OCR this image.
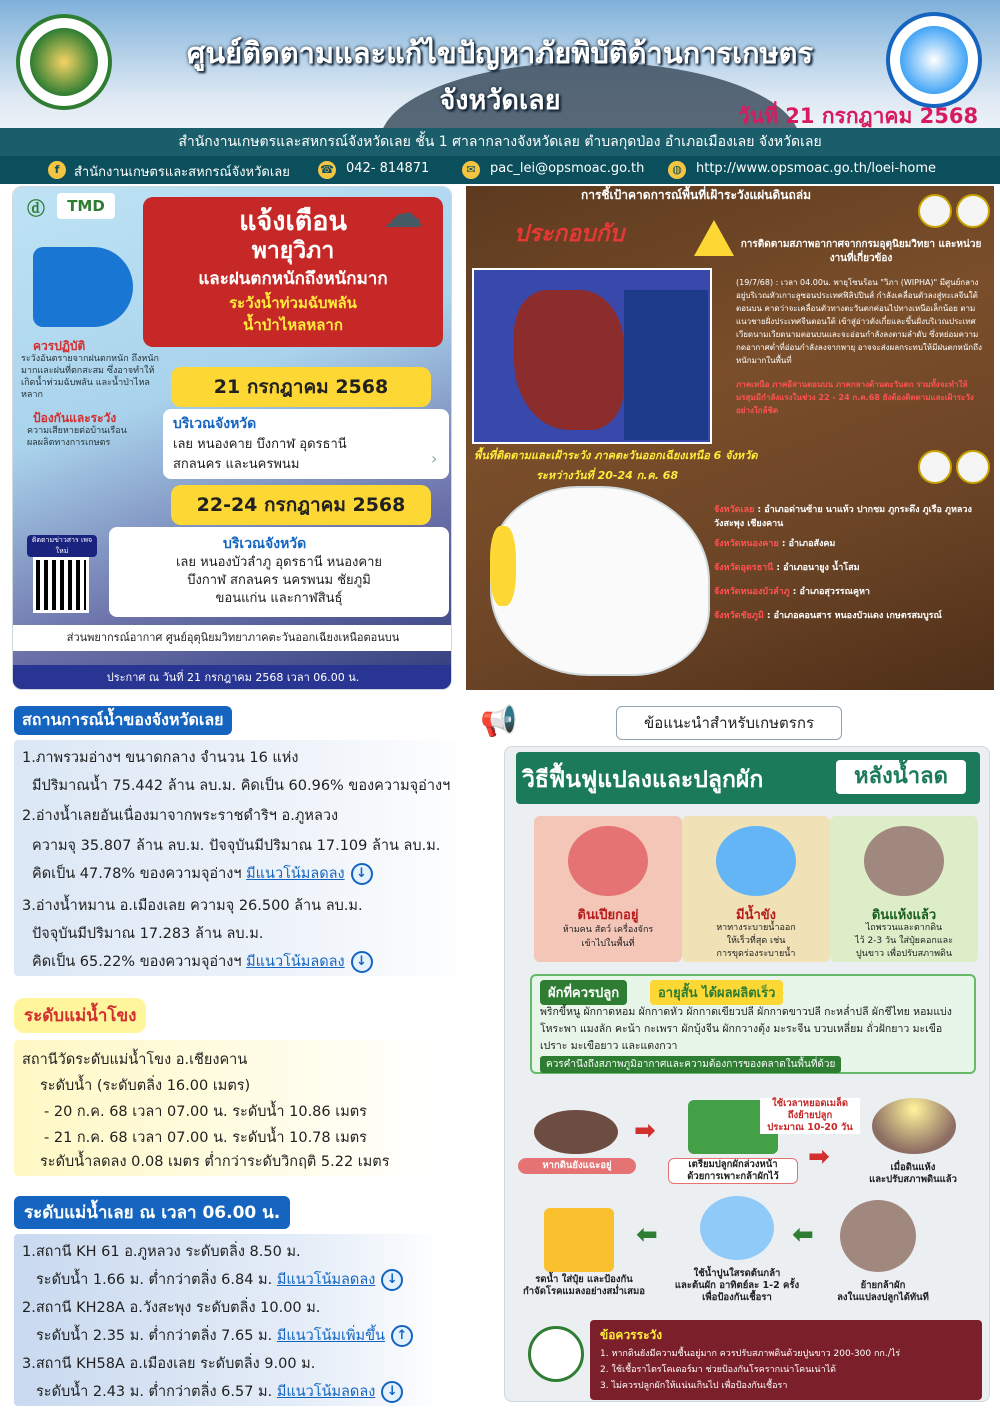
ศูนย์ติดตามและแก้ไขปัญหาภัยพิบัติด้านการเกษตร
จังหวัดเลย	วันที่ 21 กรกฎาคม 2568
สำนักงานเกษตรและสหกรณ์จังหวัดเลย ชั้น 1 ศาลากลางจังหวัดเลย ตำบลกุดป่อง อำเภอเมืองเลย จังหวัดเลย
f	สำนักงานเกษตรและสหกรณ์จังหวัดเลย	☎ 042- 814871	✉	pac_lei@opsmoac.go.th	◍	http://www.opsmoac.go.th/loei-home
ⓓ	TMD	แจ้งเตือน
พายุวิภา
และฝนตกหนักถึงหนักมาก
ระวังน้ำท่วมฉับพลัน
น้ำป่าไหลหลาก
☁
ควรปฏิบัติ
ระวังอันตรายจากฝนตกหนัก ถึงหนักมากและฝนที่ตกสะสม ซึ่งอาจทำให้เกิดน้ำท่วมฉับพลัน และน้ำป่าไหลหลาก
ป้องกันและระวัง
ความเสียหายต่อบ้านเรือน ผลผลิตทางการเกษตร
21 กรกฎาคม 2568
บริเวณจังหวัด
เลย หนองคาย บึงกาฬ อุดรธานี
สกลนคร และนครพนม	›
22-24 กรกฎาคม 2568
บริเวณจังหวัด
เลย หนองบัวลำภู อุดรธานี หนองคาย
บึงกาฬ สกลนคร นครพนม ชัยภูมิ
ขอนแก่น และกาฬสินธุ์
ติดตามข่าวสาร เพจใหม่
ส่วนพยากรณ์อากาศ ศูนย์อุตุนิยมวิทยาภาคตะวันออกเฉียงเหนือตอนบน
ประกาศ ณ วันที่ 21 กรกฎาคม 2568 เวลา 06.00 น.
การชี้เป้าคาดการณ์พื้นที่เฝ้าระวังแผ่นดินถล่ม
ประกอบกับ	การติดตามสภาพอากาศจากกรมอุตุนิยมวิทยา และหน่วยงานที่เกี่ยวข้อง
(19/7/68) : เวลา 04.00น. พายุโซนร้อน "วิภา (WIPHA)" มีศูนย์กลางอยู่บริเวณหัวเกาะลูซอนประเทศฟิลิปปินส์ กำลังเคลื่อนตัวลงสู่ทะเลจีนใต้ตอนบน คาดว่าจะเคลื่อนตัวทางตะวันตกค่อนไปทางเหนือเล็กน้อย ตามแนวชายฝั่งประเทศจีนตอนใต้ เข้าสู่อ่าวตังเกี๋ยและขึ้นฝั่งบริเวณประเทศเวียดนามเวียดนามตอนบนและจะอ่อนกำลังลงตามลำดับ ซึ่งหย่อมความกดอากาศต่ำที่อ่อนกำลังลงจากพายุ อาจจะส่งผลกระทบให้มีฝนตกหนักถึงหนักมากในพื้นที่
ภาคเหนือ ภาคอีสานตอนบน ภาคกลางด้านตะวันตก รวมทั้งจะทำให้มรสุมมีกำลังแรงในช่วง 22 - 24 ก.ค.68 ยังต้องติดตามและเฝ้าระวังอย่างใกล้ชิด
พื้นที่ติดตามและเฝ้าระวัง ภาคตะวันออกเฉียงเหนือ 6 จังหวัด
ระหว่างวันที่ 20-24 ก.ค. 68
จังหวัดเลย : อำเภอด่านซ้าย นาแห้ว ปากชม ภูกระดึง ภูเรือ ภูหลวง วังสะพุง เชียงคาน
จังหวัดหนองคาย : อำเภอสังคม
จังหวัดอุดรธานี : อำเภอนายูง น้ำโสม
จังหวัดหนองบัวลำภู : อำเภอสุวรรณคูหา
จังหวัดชัยภูมิ : อำเภอคอนสาร หนองบัวแดง เกษตรสมบูรณ์
สถานการณ์น้ำของจังหวัดเลย
1.ภาพรวมอ่างฯ ขนาดกลาง จำนวน 16 แห่ง
มีปริมาณน้ำ 75.442 ล้าน ลบ.ม. คิดเป็น 60.96% ของความจุอ่างฯ
2.อ่างน้ำเลยอันเนื่องมาจากพระราชดำริฯ อ.ภูหลวง
ความจุ 35.807 ล้าน ลบ.ม. ปัจจุบันมีปริมาณ 17.109 ล้าน ลบ.ม.
คิดเป็น 47.78% ของความจุอ่างฯ มีแนวโน้มลดลง ↓
3.อ่างน้ำหมาน อ.เมืองเลย ความจุ 26.500 ล้าน ลบ.ม.
ปัจจุบันมีปริมาณ 17.283 ล้าน ลบ.ม.
คิดเป็น 65.22% ของความจุอ่างฯ มีแนวโน้มลดลง ↓
ระดับแม่น้ำโขง
สถานีวัดระดับแม่น้ำโขง อ.เชียงคาน
ระดับน้ำ (ระดับตลิ่ง 16.00 เมตร)
- 20 ก.ค. 68 เวลา 07.00 น. ระดับน้ำ 10.86 เมตร
- 21 ก.ค. 68 เวลา 07.00 น. ระดับน้ำ 10.78 เมตร
ระดับน้ำลดลง 0.08 เมตร ต่ำกว่าระดับวิกฤติ 5.22 เมตร
ระดับแม่น้ำเลย ณ เวลา 06.00 น.
1.สถานี KH 61 อ.ภูหลวง ระดับตลิ่ง 8.50 ม.
ระดับน้ำ 1.66 ม. ต่ำกว่าตลิ่ง 6.84 ม. มีแนวโน้มลดลง ↓
2.สถานี KH28A อ.วังสะพุง ระดับตลิ่ง 10.00 ม.
ระดับน้ำ 2.35 ม. ต่ำกว่าตลิ่ง 7.65 ม. มีแนวโน้มเพิ่มขึ้น ↑
3.สถานี KH58A อ.เมืองเลย ระดับตลิ่ง 9.00 ม.
ระดับน้ำ 2.43 ม. ต่ำกว่าตลิ่ง 6.57 ม. มีแนวโน้มลดลง ↓
📢	ข้อแนะนำสำหรับเกษตรกร
วิธีฟื้นฟูแปลงและปลูกผัก	หลังน้ำลด
ดินเปียกอยู่
ห้ามคน สัตว์ เครื่องจักร
เข้าไปในพื้นที่
มีน้ำขัง
หาทางระบายน้ำออก
ให้เร็วที่สุด เช่น
การขุดร่องระบายน้ำ
ดินแห้งแล้ว
ไถพรวนและตากดิน
ไว้ 2-3 วัน ใส่ปุ๋ยคอกและ
ปูนขาว เพื่อปรับสภาพดิน
ผักที่ควรปลูก	อายุสั้น ได้ผลผลิตเร็ว
พริกขี้หนู ผักกาดหอม ผักกาดหัว ผักกาดเขียวปลี ผักกาดขาวปลี กะหล่ำปลี ผักชีไทย หอมแบ่ง โหระพา แมงลัก คะน้า กะเพรา ผักบุ้งจีน ผักกวางตุ้ง มะระจีน บวบเหลี่ยม ถั่วฝักยาว มะเขือเปราะ มะเขือยาว และแตงกวา
ควรคำนึงถึงสภาพภูมิอากาศและความต้องการของตลาดในพื้นที่ด้วย
หากดินยังแฉะอยู่
➡
เตรียมปลูกผักล่วงหน้า
ด้วยการเพาะกล้าผักไว้
ใช้เวลาหยอดเมล็ด
ถึงย้ายปลูก
ประมาณ 10-20 วัน
➡	เมื่อดินแห้ง
และปรับสภาพดินแล้ว
รดน้ำ ใส่ปุ๋ย และป้องกัน
กำจัดโรคแมลงอย่างสม่ำเสมอ
⬅
ใช้น้ำปูนใสรดต้นกล้า
และต้นผัก อาทิตย์ละ 1-2 ครั้ง
เพื่อป้องกันเชื้อรา
⬅
ย้ายกล้าผัก
ลงในแปลงปลูกได้ทันที
ข้อควรระวัง
1. หากดินยังมีความชื้นอยู่มาก ควรปรับสภาพดินด้วยปูนขาว 200-300 กก./ไร่
2. ใช้เชื้อราไตรโคเดอร์มา ช่วยป้องกันโรครากเน่าโคนเน่าได้
3. ไม่ควรปลูกผักให้แน่นเกินไป เพื่อป้องกันเชื้อรา
